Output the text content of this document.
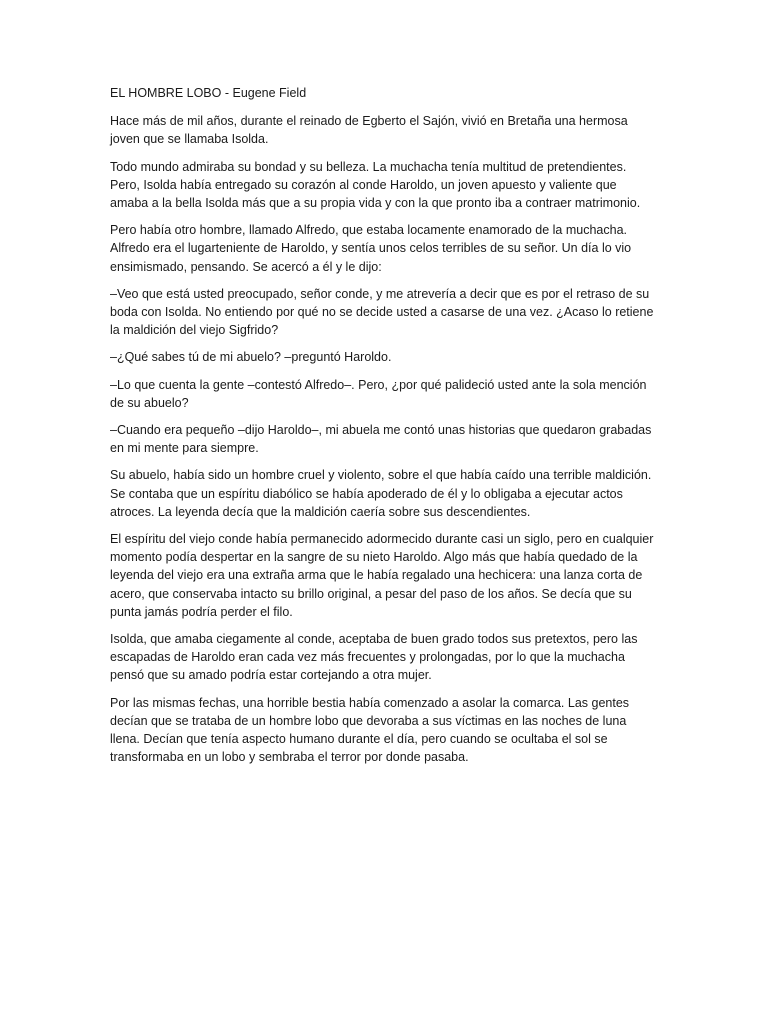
EL HOMBRE LOBO - Eugene Field

Hace más de mil años, durante el reinado de Egberto el Sajón, vivió en Bretaña una hermosa joven que se llamaba Isolda.

Todo mundo admiraba su bondad y su belleza. La muchacha tenía multitud de pretendientes. Pero, Isolda había entregado su corazón al conde Haroldo, un joven apuesto y valiente que amaba a la bella Isolda más que a su propia vida y con la que pronto iba a contraer matrimonio.

Pero había otro hombre, llamado Alfredo, que estaba locamente enamorado de la muchacha. Alfredo era el lugarteniente de Haroldo, y sentía unos celos terribles de su señor. Un día lo vio ensimismado, pensando. Se acercó a él y le dijo:

–Veo que está usted preocupado, señor conde, y me atrevería a decir que es por el retraso de su boda con Isolda. No entiendo por qué no se decide usted a casarse de una vez. ¿Acaso lo retiene la maldición del viejo Sigfrido?

–¿Qué sabes tú de mi abuelo? –preguntó Haroldo.

–Lo que cuenta la gente –contestó Alfredo–. Pero, ¿por qué palideció usted ante la sola mención de su abuelo?

–Cuando era pequeño –dijo Haroldo–, mi abuela me contó unas historias que quedaron grabadas en mi mente para siempre.

Su abuelo, había sido un hombre cruel y violento, sobre el que había caído una terrible maldición. Se contaba que un espíritu diabólico se había apoderado de él y lo obligaba a ejecutar actos atroces. La leyenda decía que la maldición caería sobre sus descendientes.

El espíritu del viejo conde había permanecido adormecido durante casi un siglo, pero en cualquier momento podía despertar en la sangre de su nieto Haroldo. Algo más que había quedado de la leyenda del viejo era una extraña arma que le había regalado una hechicera: una lanza corta de acero, que conservaba intacto su brillo original, a pesar del paso de los años. Se decía que su punta jamás podría perder el filo.

Isolda, que amaba ciegamente al conde, aceptaba de buen grado todos sus pretextos, pero las escapadas de Haroldo eran cada vez más frecuentes y prolongadas, por lo que la muchacha pensó que su amado podría estar cortejando a otra mujer.

Por las mismas fechas, una horrible bestia había comenzado a asolar la comarca. Las gentes decían que se trataba de un hombre lobo que devoraba a sus víctimas en las noches de luna llena. Decían que tenía aspecto humano durante el día, pero cuando se ocultaba el sol se transformaba en un lobo y sembraba el terror por donde pasaba.
